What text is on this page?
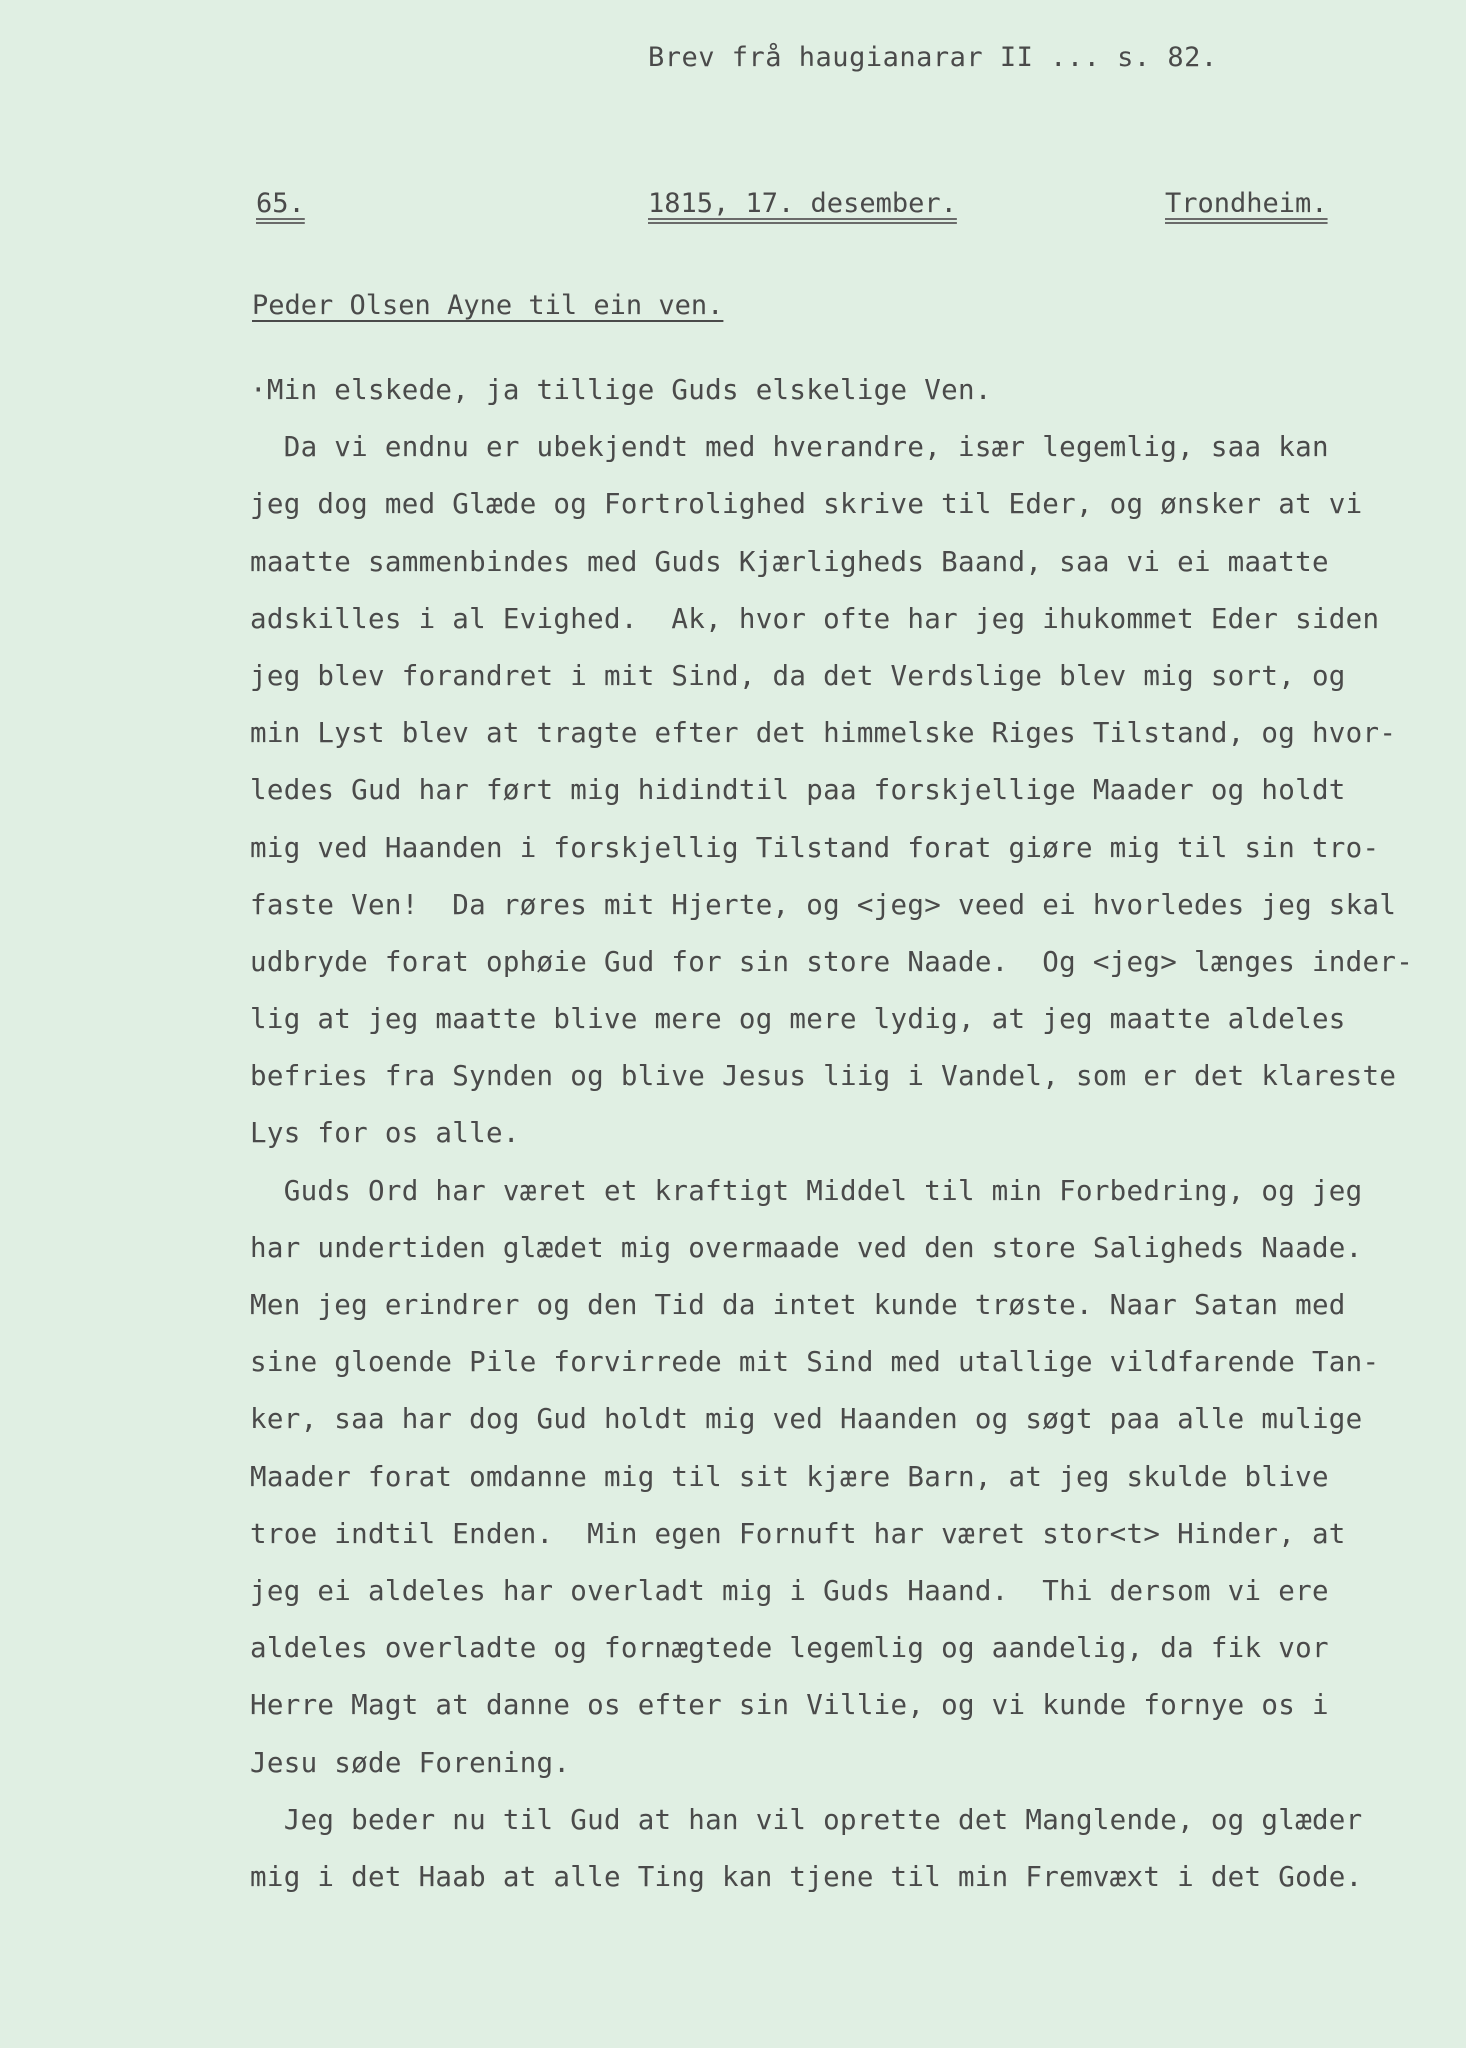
Brev frå haugianarar II ... s. 82.
65.	1815, 17. desember.	Trondheim.
Peder Olsen Ayne til ein ven.
·Min elskede, ja tillige Guds elskelige Ven.
Da vi endnu er ubekjendt med hverandre, især legemlig, saa kan
jeg dog med Glæde og Fortrolighed skrive til Eder, og ønsker at vi
maatte sammenbindes med Guds Kjærligheds Baand, saa vi ei maatte
adskilles i al Evighed.  Ak, hvor ofte har jeg ihukommet Eder siden
jeg blev forandret i mit Sind, da det Verdslige blev mig sort, og
min Lyst blev at tragte efter det himmelske Riges Tilstand, og hvor-
ledes Gud har ført mig hidindtil paa forskjellige Maader og holdt
mig ved Haanden i forskjellig Tilstand forat giøre mig til sin tro-
faste Ven!  Da røres mit Hjerte, og <jeg> veed ei hvorledes jeg skal
udbryde forat ophøie Gud for sin store Naade.  Og <jeg> længes inder-
lig at jeg maatte blive mere og mere lydig, at jeg maatte aldeles
befries fra Synden og blive Jesus liig i Vandel, som er det klareste
Lys for os alle.
Guds Ord har været et kraftigt Middel til min Forbedring, og jeg
har undertiden glædet mig overmaade ved den store Saligheds Naade.
Men jeg erindrer og den Tid da intet kunde trøste. Naar Satan med
sine gloende Pile forvirrede mit Sind med utallige vildfarende Tan-
ker, saa har dog Gud holdt mig ved Haanden og søgt paa alle mulige
Maader forat omdanne mig til sit kjære Barn, at jeg skulde blive
troe indtil Enden.  Min egen Fornuft har været stor<t> Hinder, at
jeg ei aldeles har overladt mig i Guds Haand.  Thi dersom vi ere
aldeles overladte og fornægtede legemlig og aandelig, da fik vor
Herre Magt at danne os efter sin Villie, og vi kunde fornye os i
Jesu søde Forening.
Jeg beder nu til Gud at han vil oprette det Manglende, og glæder
mig i det Haab at alle Ting kan tjene til min Fremvæxt i det Gode.
